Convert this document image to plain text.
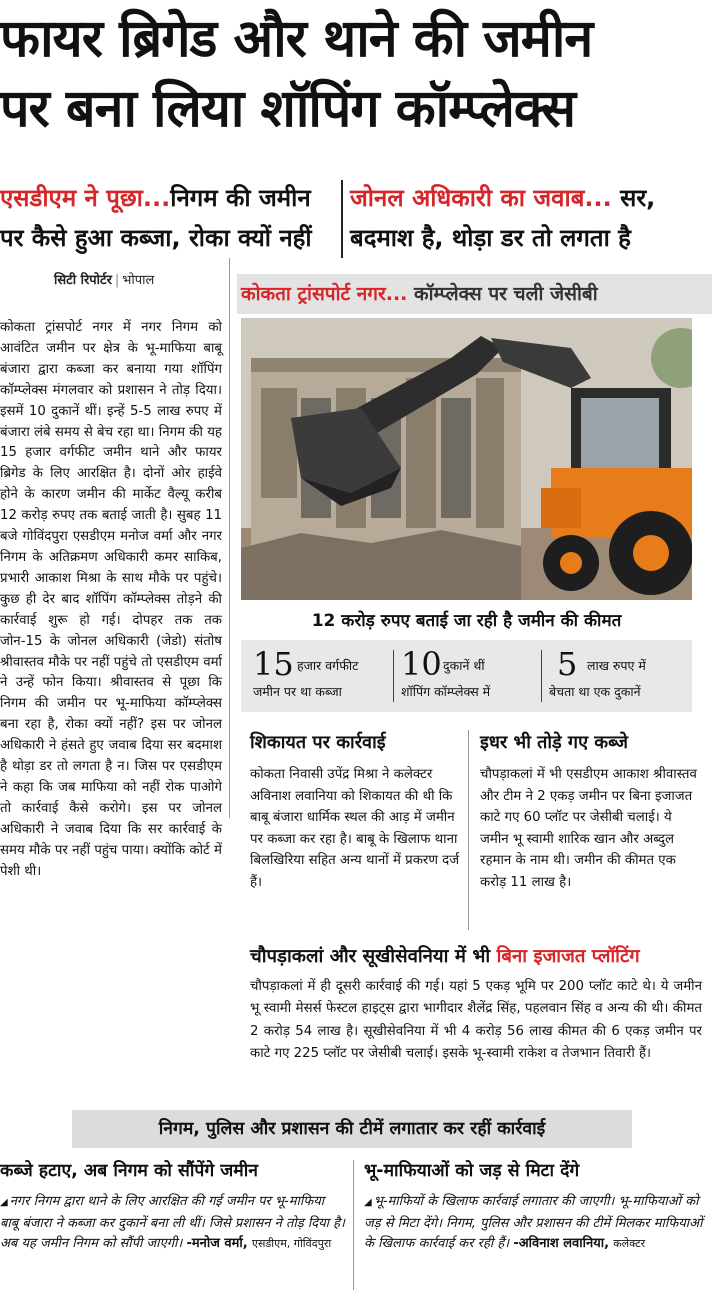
फायर ब्रिगेड और थाने की जमीन
पर बना लिया शॉपिंग कॉम्प्लेक्स
एसडीएम ने पूछा...निगम की जमीन पर कैसे हुआ कब्जा, रोका क्यों नहीं
जोनल अधिकारी का जवाब... सर, बदमाश है, थोड़ा डर तो लगता है
सिटी रिपोर्टर | भोपाल
कोकता ट्रांसपोर्ट नगर... कॉम्प्लेक्स पर चली जेसीबी
12 करोड़ रुपए बताई जा रही है जमीन की कीमत
15 हजार वर्गफीट
जमीन पर था कब्जा
10 दुकानें थीं
शॉपिंग कॉम्प्लेक्स में
5 लाख रुपए में
बेचता था एक दुकानें
कोकता ट्रांसपोर्ट नगर में नगर निगम को आवंटित जमीन पर क्षेत्र के भू-माफिया बाबू बंजारा द्वारा कब्जा कर बनाया गया शॉपिंग कॉम्प्लेक्स मंगलवार को प्रशासन ने तोड़ दिया। इसमें 10 दुकानें थीं। इन्हें 5-5 लाख रुपए में बंजारा लंबे समय से बेच रहा था। निगम की यह 15 हजार वर्गफीट जमीन थाने और फायर ब्रिगेड के लिए आरक्षित है। दोनों ओर हाईवे होने के कारण जमीन की मार्केट वैल्यू करीब 12 करोड़ रुपए तक बताई जाती है। सुबह 11 बजे गोविंदपुरा एसडीएम मनोज वर्मा और नगर निगम के अतिक्रमण अधिकारी कमर साकिब, प्रभारी आकाश मिश्रा के साथ मौके पर पहुंचे। कुछ ही देर बाद शॉपिंग कॉम्प्लेक्स तोड़ने की कार्रवाई शुरू हो गई। दोपहर तक तक जोन-15 के जोनल अधिकारी (जेडो) संतोष श्रीवास्तव मौके पर नहीं पहुंचे तो एसडीएम वर्मा ने उन्हें फोन किया। श्रीवास्तव से पूछा कि निगम की जमीन पर भू-माफिया कॉम्प्लेक्स बना रहा है, रोका क्यों नहीं? इस पर जोनल अधिकारी ने हंसते हुए जवाब दिया सर बदमाश है थोड़ा डर तो लगता है न। जिस पर एसडीएम ने कहा कि जब माफिया को नहीं रोक पाओगे तो कार्रवाई कैसे करोगे। इस पर जोनल अधिकारी ने जवाब दिया कि सर कार्रवाई के समय मौके पर नहीं पहुंच पाया। क्योंकि कोर्ट में पेशी थी।
शिकायत पर कार्रवाई
कोकता निवासी उपेंद्र मिश्रा ने कलेक्टर अविनाश लवानिया को शिकायत की थी कि बाबू बंजारा धार्मिक स्थल की आड़ में जमीन पर कब्जा कर रहा है। बाबू के खिलाफ थाना बिलखिरिया सहित अन्य थानों में प्रकरण दर्ज हैं।
इधर भी तोड़े गए कब्जे
चौपड़ाकलां में भी एसडीएम आकाश श्रीवास्तव और टीम ने 2 एकड़ जमीन पर बिना इजाजत काटे गए 60 प्लॉट पर जेसीबी चलाई। ये जमीन भू स्वामी शारिक खान और अब्दुल रहमान के नाम थी। जमीन की कीमत एक करोड़ 11 लाख है।
चौपड़ाकलां और सूखीसेवनिया में भी बिना इजाजत प्लॉटिंग
चौपड़ाकलां में ही दूसरी कार्रवाई की गई। यहां 5 एकड़ भूमि पर 200 प्लॉट काटे थे। ये जमीन भू स्वामी मेसर्स फेस्टल हाइट्स द्वारा भागीदार शैलेंद्र सिंह, पहलवान सिंह व अन्य की थी। कीमत 2 करोड़ 54 लाख है। सूखीसेवनिया में भी 4 करोड़ 56 लाख कीमत की 6 एकड़ जमीन पर काटे गए 225 प्लॉट पर जेसीबी चलाई। इसके भू-स्वामी राकेश व तेजभान तिवारी हैं।
निगम, पुलिस और प्रशासन की टीमें लगातार कर रहीं कार्रवाई
कब्जे हटाए, अब निगम को सौंपेंगे जमीन
◢ नगर निगम द्वारा थाने के लिए आरक्षित की गई जमीन पर भू-माफिया बाबू बंजारा ने कब्जा कर दुकानें बना ली थीं। जिसे प्रशासन ने तोड़ दिया है। अब यह जमीन निगम को सौंपी जाएगी। -मनोज वर्मा, एसडीएम, गोविंदपुरा
भू-माफियाओं को जड़ से मिटा देंगे
◢ भू-माफियों के खिलाफ कार्रवाई लगातार की जाएगी। भू-माफियाओं को जड़ से मिटा देंगे। निगम, पुलिस और प्रशासन की टीमें मिलकर माफियाओं के खिलाफ कार्रवाई कर रही हैं। -अविनाश लवानिया, कलेक्टर
